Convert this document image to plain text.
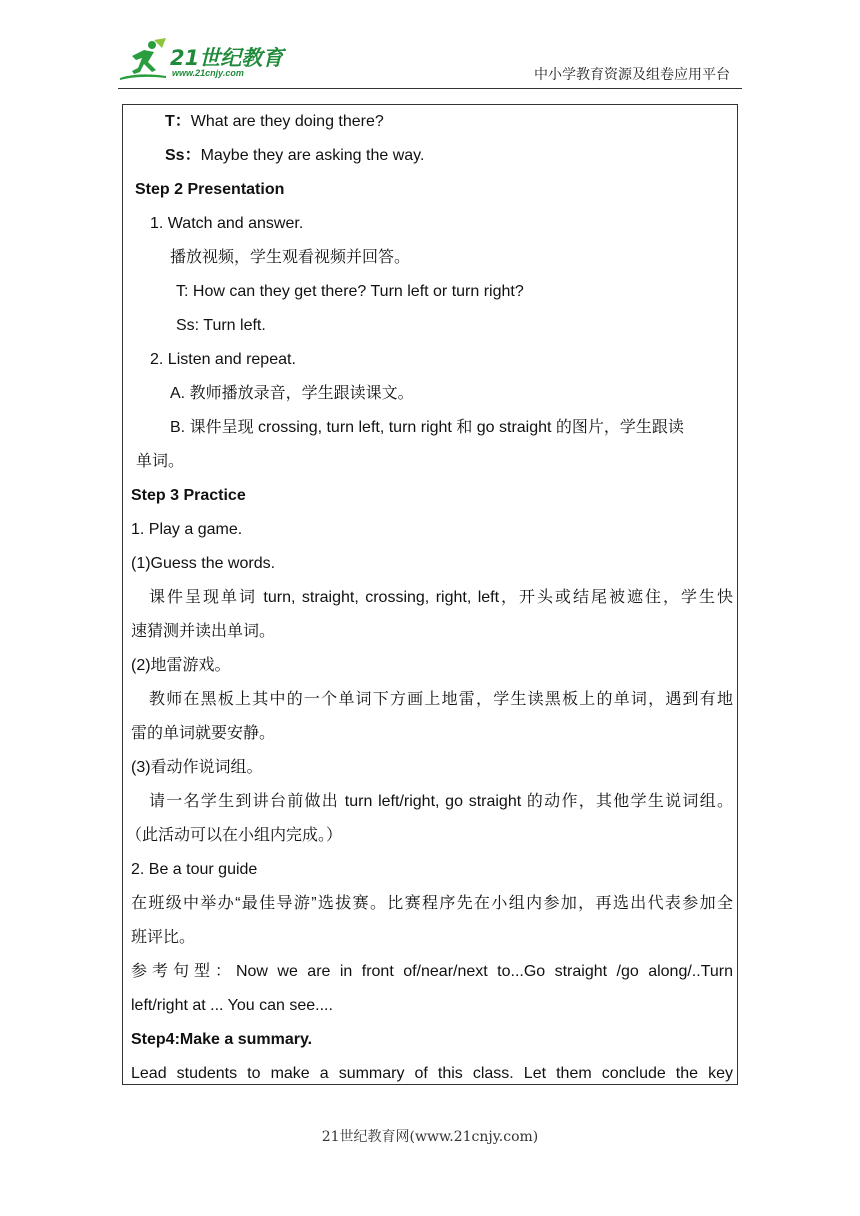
21世纪教育
www.21cnjy.com	中小学教育资源及组卷应用平台
T：What are they doing there?
Ss：Maybe they are asking the way.
Step 2 Presentation
1. Watch and answer.
播放视频，学生观看视频并回答。
T: How can they get there? Turn left or turn right?
Ss: Turn left.
2. Listen and repeat.
A. 教师播放录音，学生跟读课文。
B. 课件呈现 crossing, turn left, turn right 和 go straight 的图片，学生跟读
单词。
Step 3 Practice
1. Play a game.
(1)Guess the words.
课件呈现单词 turn, straight, crossing, right, left，开头或结尾被遮住，学生快
速猜测并读出单词。
(2)地雷游戏。
教师在黑板上其中的一个单词下方画上地雷，学生读黑板上的单词，遇到有地
雷的单词就要安静。
(3)看动作说词组。
请一名学生到讲台前做出 turn left/right, go straight 的动作，其他学生说词组。
（此活动可以在小组内完成。）
2. Be a tour guide
在班级中举办“最佳导游”选拔赛。比赛程序先在小组内参加，再选出代表参加全
班评比。
参考句型：Now we are in front of/near/next to...Go straight /go along/..Turn
left/right at ... You can see....
Step4:Make a summary.
Lead students to make a summary of this class. Let them conclude the key
21世纪教育网(www.21cnjy.com)
